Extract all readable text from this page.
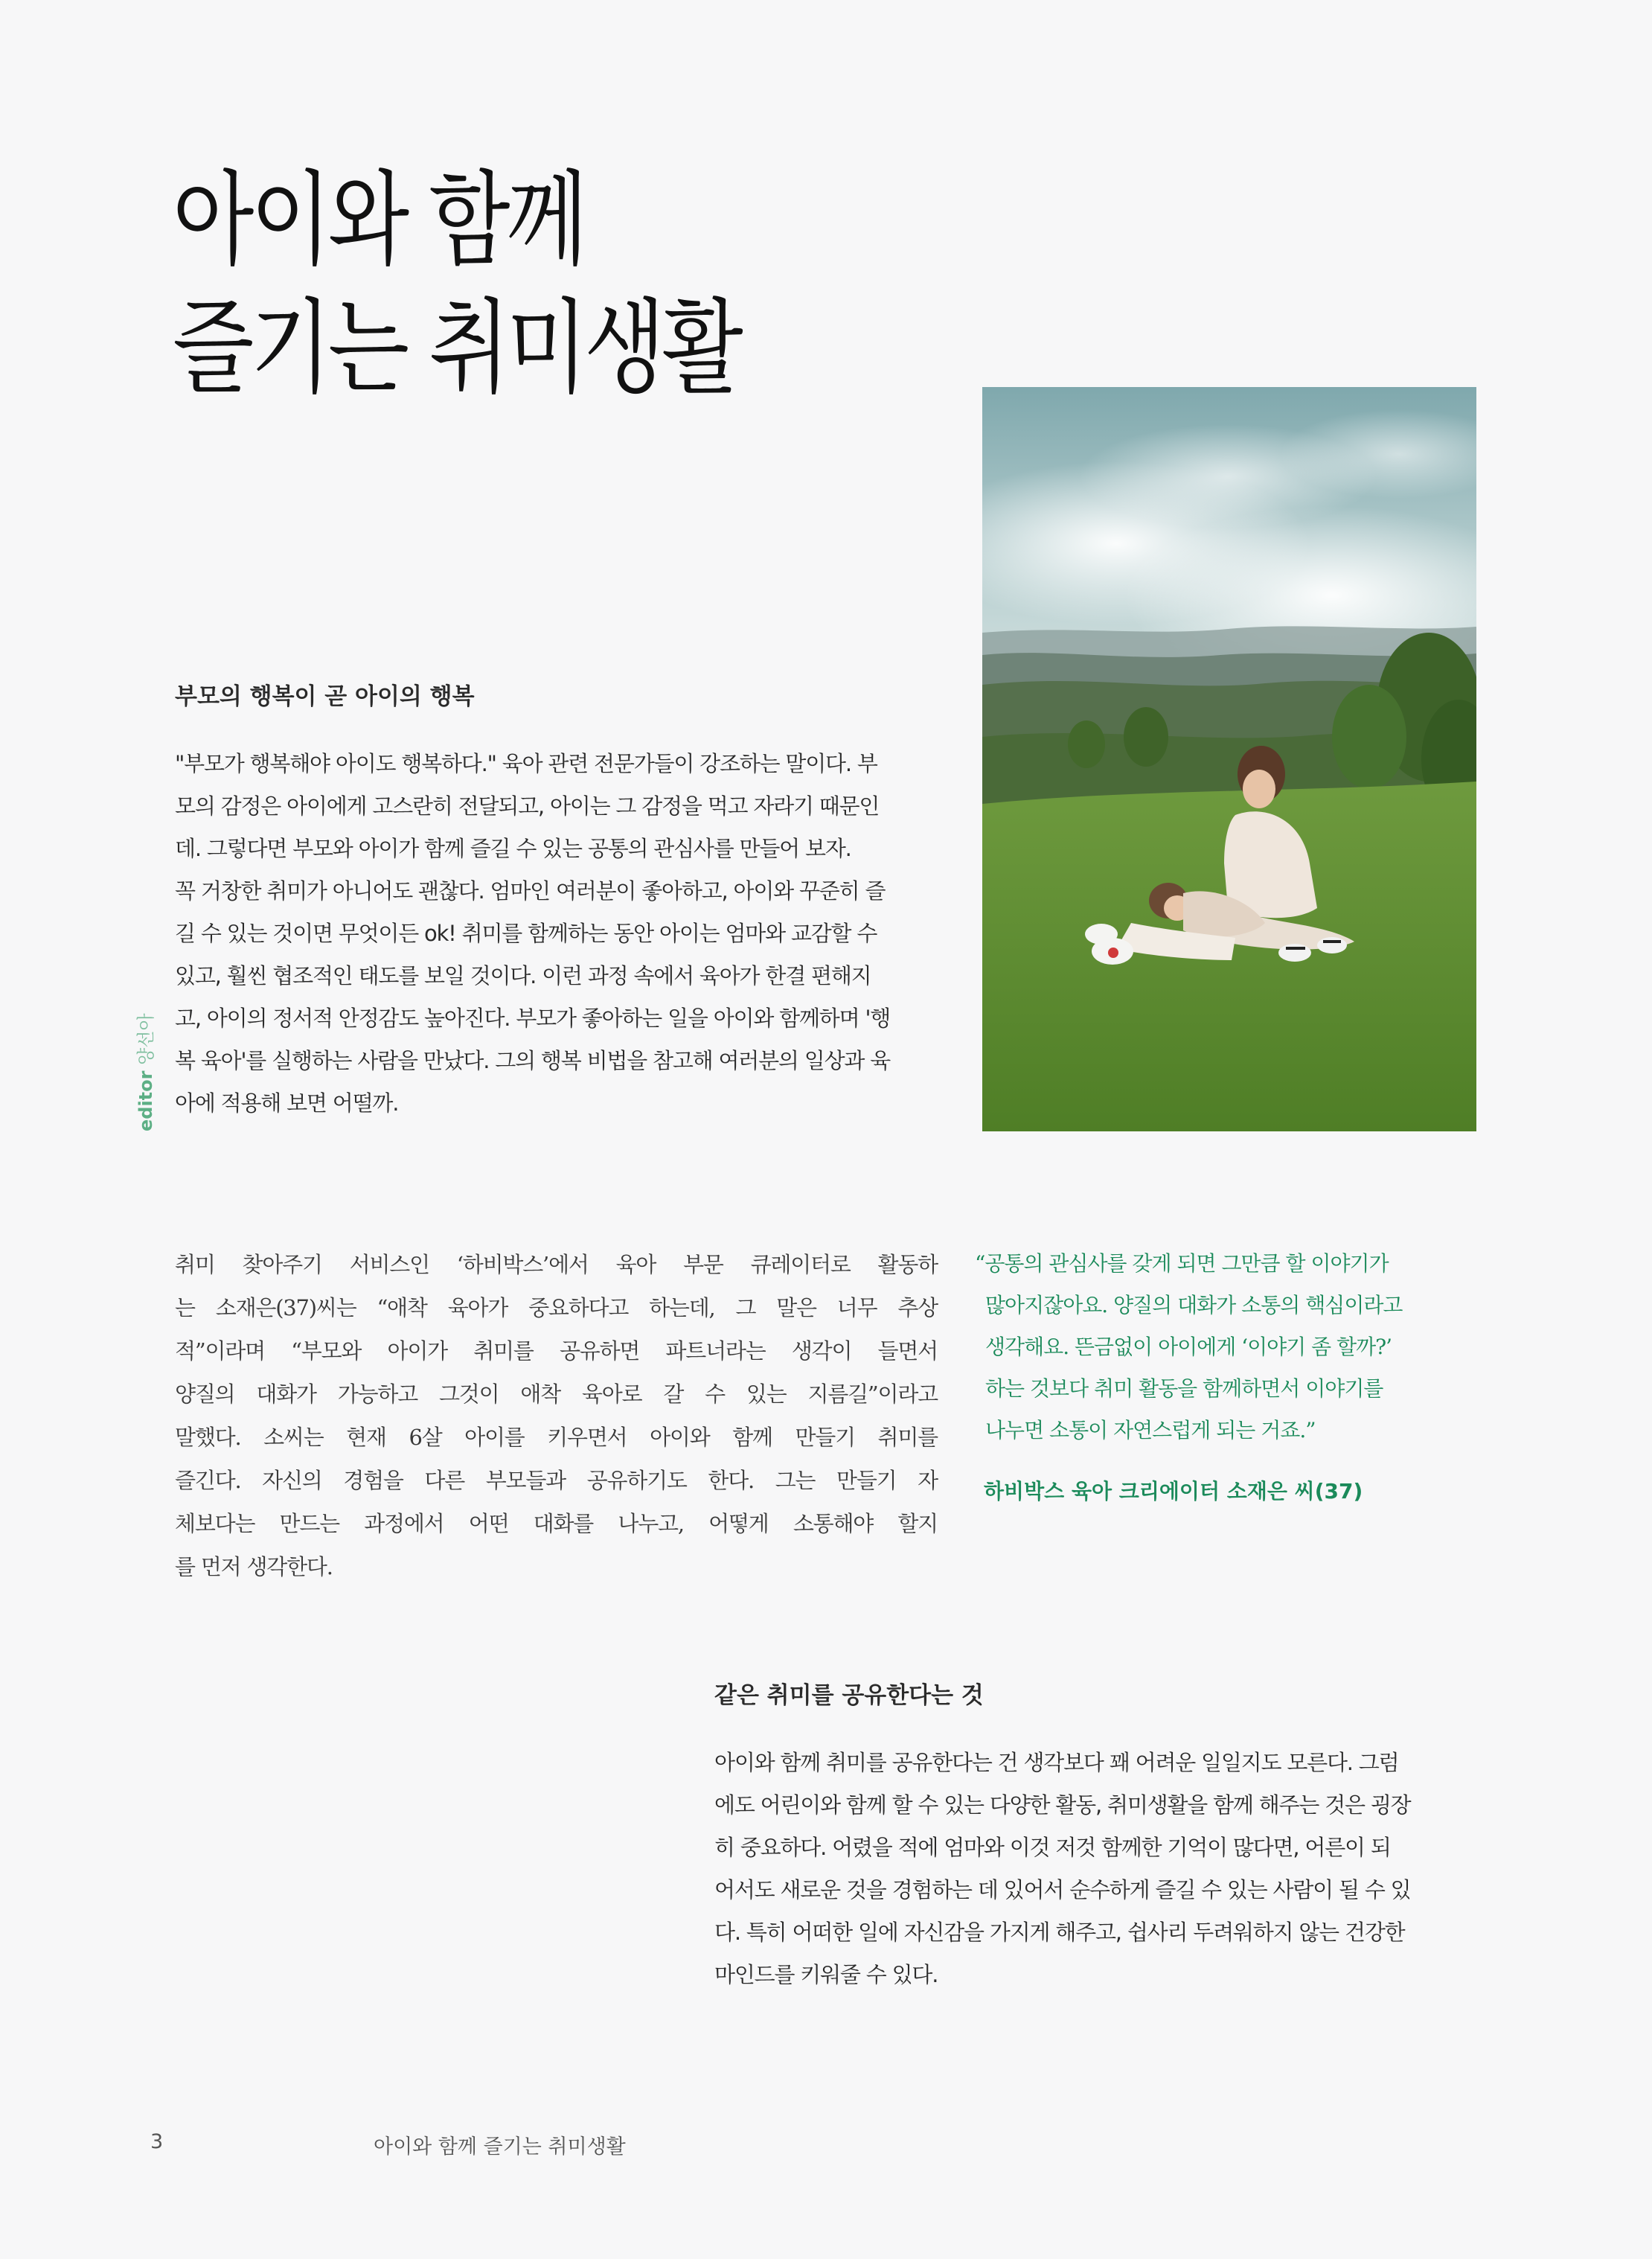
아이와 함께
즐기는 취미생활
editor 양선아
부모의 행복이 곧 아이의 행복
"부모가 행복해야 아이도 행복하다." 육아 관련 전문가들이 강조하는 말이다. 부
모의 감정은 아이에게 고스란히 전달되고, 아이는 그 감정을 먹고 자라기 때문인
데. 그렇다면 부모와 아이가 함께 즐길 수 있는 공통의 관심사를 만들어 보자.
꼭 거창한 취미가 아니어도 괜찮다. 엄마인 여러분이 좋아하고, 아이와 꾸준히 즐
길 수 있는 것이면 무엇이든 ok! 취미를 함께하는 동안 아이는 엄마와 교감할 수
있고, 훨씬 협조적인 태도를 보일 것이다. 이런 과정 속에서 육아가 한결 편해지
고, 아이의 정서적 안정감도 높아진다. 부모가 좋아하는 일을 아이와 함께하며 '행
복 육아'를 실행하는 사람을 만났다. 그의 행복 비법을 참고해 여러분의 일상과 육
아에 적용해 보면 어떨까.
취미 찾아주기 서비스인 ‘하비박스’에서 육아 부문 큐레이터로 활동하
는 소재은(37)씨는 “애착 육아가 중요하다고 하는데, 그 말은 너무 추상
적”이라며 “부모와 아이가 취미를 공유하면 파트너라는 생각이 들면서
양질의 대화가 가능하고 그것이 애착 육아로 갈 수 있는 지름길”이라고
말했다. 소씨는 현재 6살 아이를 키우면서 아이와 함께 만들기 취미를
즐긴다. 자신의 경험을 다른 부모들과 공유하기도 한다. 그는 만들기 자
체보다는 만드는 과정에서 어떤 대화를 나누고, 어떻게 소통해야 할지
를 먼저 생각한다.
“공통의 관심사를 갖게 되면 그만큼 할 이야기가
많아지잖아요. 양질의 대화가 소통의 핵심이라고
생각해요. 뜬금없이 아이에게 ‘이야기 좀 할까?’
하는 것보다 취미 활동을 함께하면서 이야기를
나누면 소통이 자연스럽게 되는 거죠.”
하비박스 육아 크리에이터 소재은 씨(37)
같은 취미를 공유한다는 것
아이와 함께 취미를 공유한다는 건 생각보다 꽤 어려운 일일지도 모른다. 그럼
에도 어린이와 함께 할 수 있는 다양한 활동, 취미생활을 함께 해주는 것은 굉장
히 중요하다. 어렸을 적에 엄마와 이것 저것 함께한 기억이 많다면, 어른이 되
어서도 새로운 것을 경험하는 데 있어서 순수하게 즐길 수 있는 사람이 될 수 있
다. 특히 어떠한 일에 자신감을 가지게 해주고, 쉽사리 두려워하지 않는 건강한
마인드를 키워줄 수 있다.
3	아이와 함께 즐기는 취미생활
